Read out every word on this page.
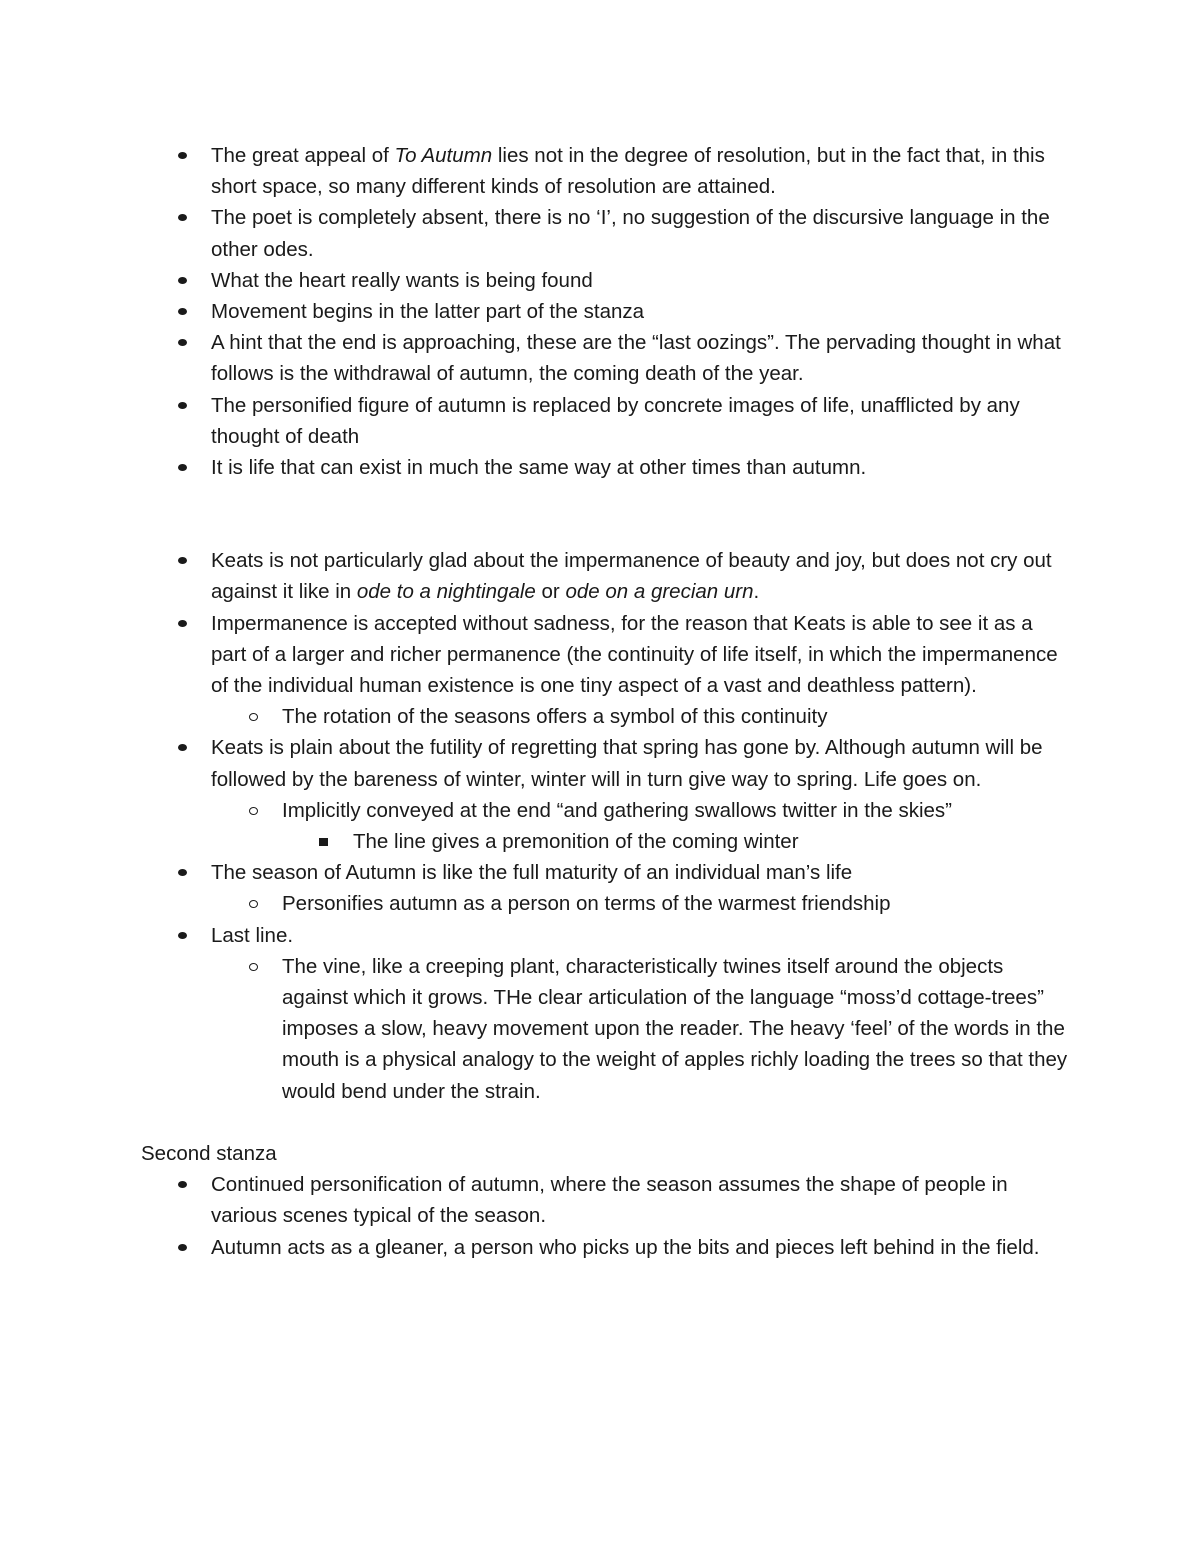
The great appeal of To Autumn lies not in the degree of resolution, but in the fact that, in this short space, so many different kinds of resolution are attained.
The poet is completely absent, there is no ‘I’, no suggestion of the discursive language in the other odes.
What the heart really wants is being found
Movement begins in the latter part of the stanza
A hint that the end is approaching, these are the “last oozings”. The pervading thought in what follows is the withdrawal of autumn, the coming death of the year.
The personified figure of autumn is replaced by concrete images of life, unafflicted by any thought of death
It is life that can exist in much the same way at other times than autumn.
Keats is not particularly glad about the impermanence of beauty and joy, but does not cry out against it like in ode to a nightingale or ode on a grecian urn.
Impermanence is accepted without sadness, for the reason that Keats is able to see it as a part of a larger and richer permanence (the continuity of life itself, in which the impermanence of the individual human existence is one tiny aspect of a vast and deathless pattern).
The rotation of the seasons offers a symbol of this continuity
Keats is plain about the futility of regretting that spring has gone by. Although autumn will be followed by the bareness of winter, winter will in turn give way to spring. Life goes on.
Implicitly conveyed at the end “and gathering swallows twitter in the skies”
The line gives a premonition of the coming winter
The season of Autumn is like the full maturity of an individual man’s life
Personifies autumn as a person on terms of the warmest friendship
Last line.
The vine, like a creeping plant, characteristically twines itself around the objects against which it grows. THe clear articulation of the language “moss’d cottage-trees” imposes a slow, heavy movement upon the reader. The heavy ‘feel’ of the words in the mouth is a physical analogy to the weight of apples richly loading the trees so that they would bend under the strain.
Second stanza
Continued personification of autumn, where the season assumes the shape of people in various scenes typical of the season.
Autumn acts as a gleaner, a person who picks up the bits and pieces left behind in the field.
